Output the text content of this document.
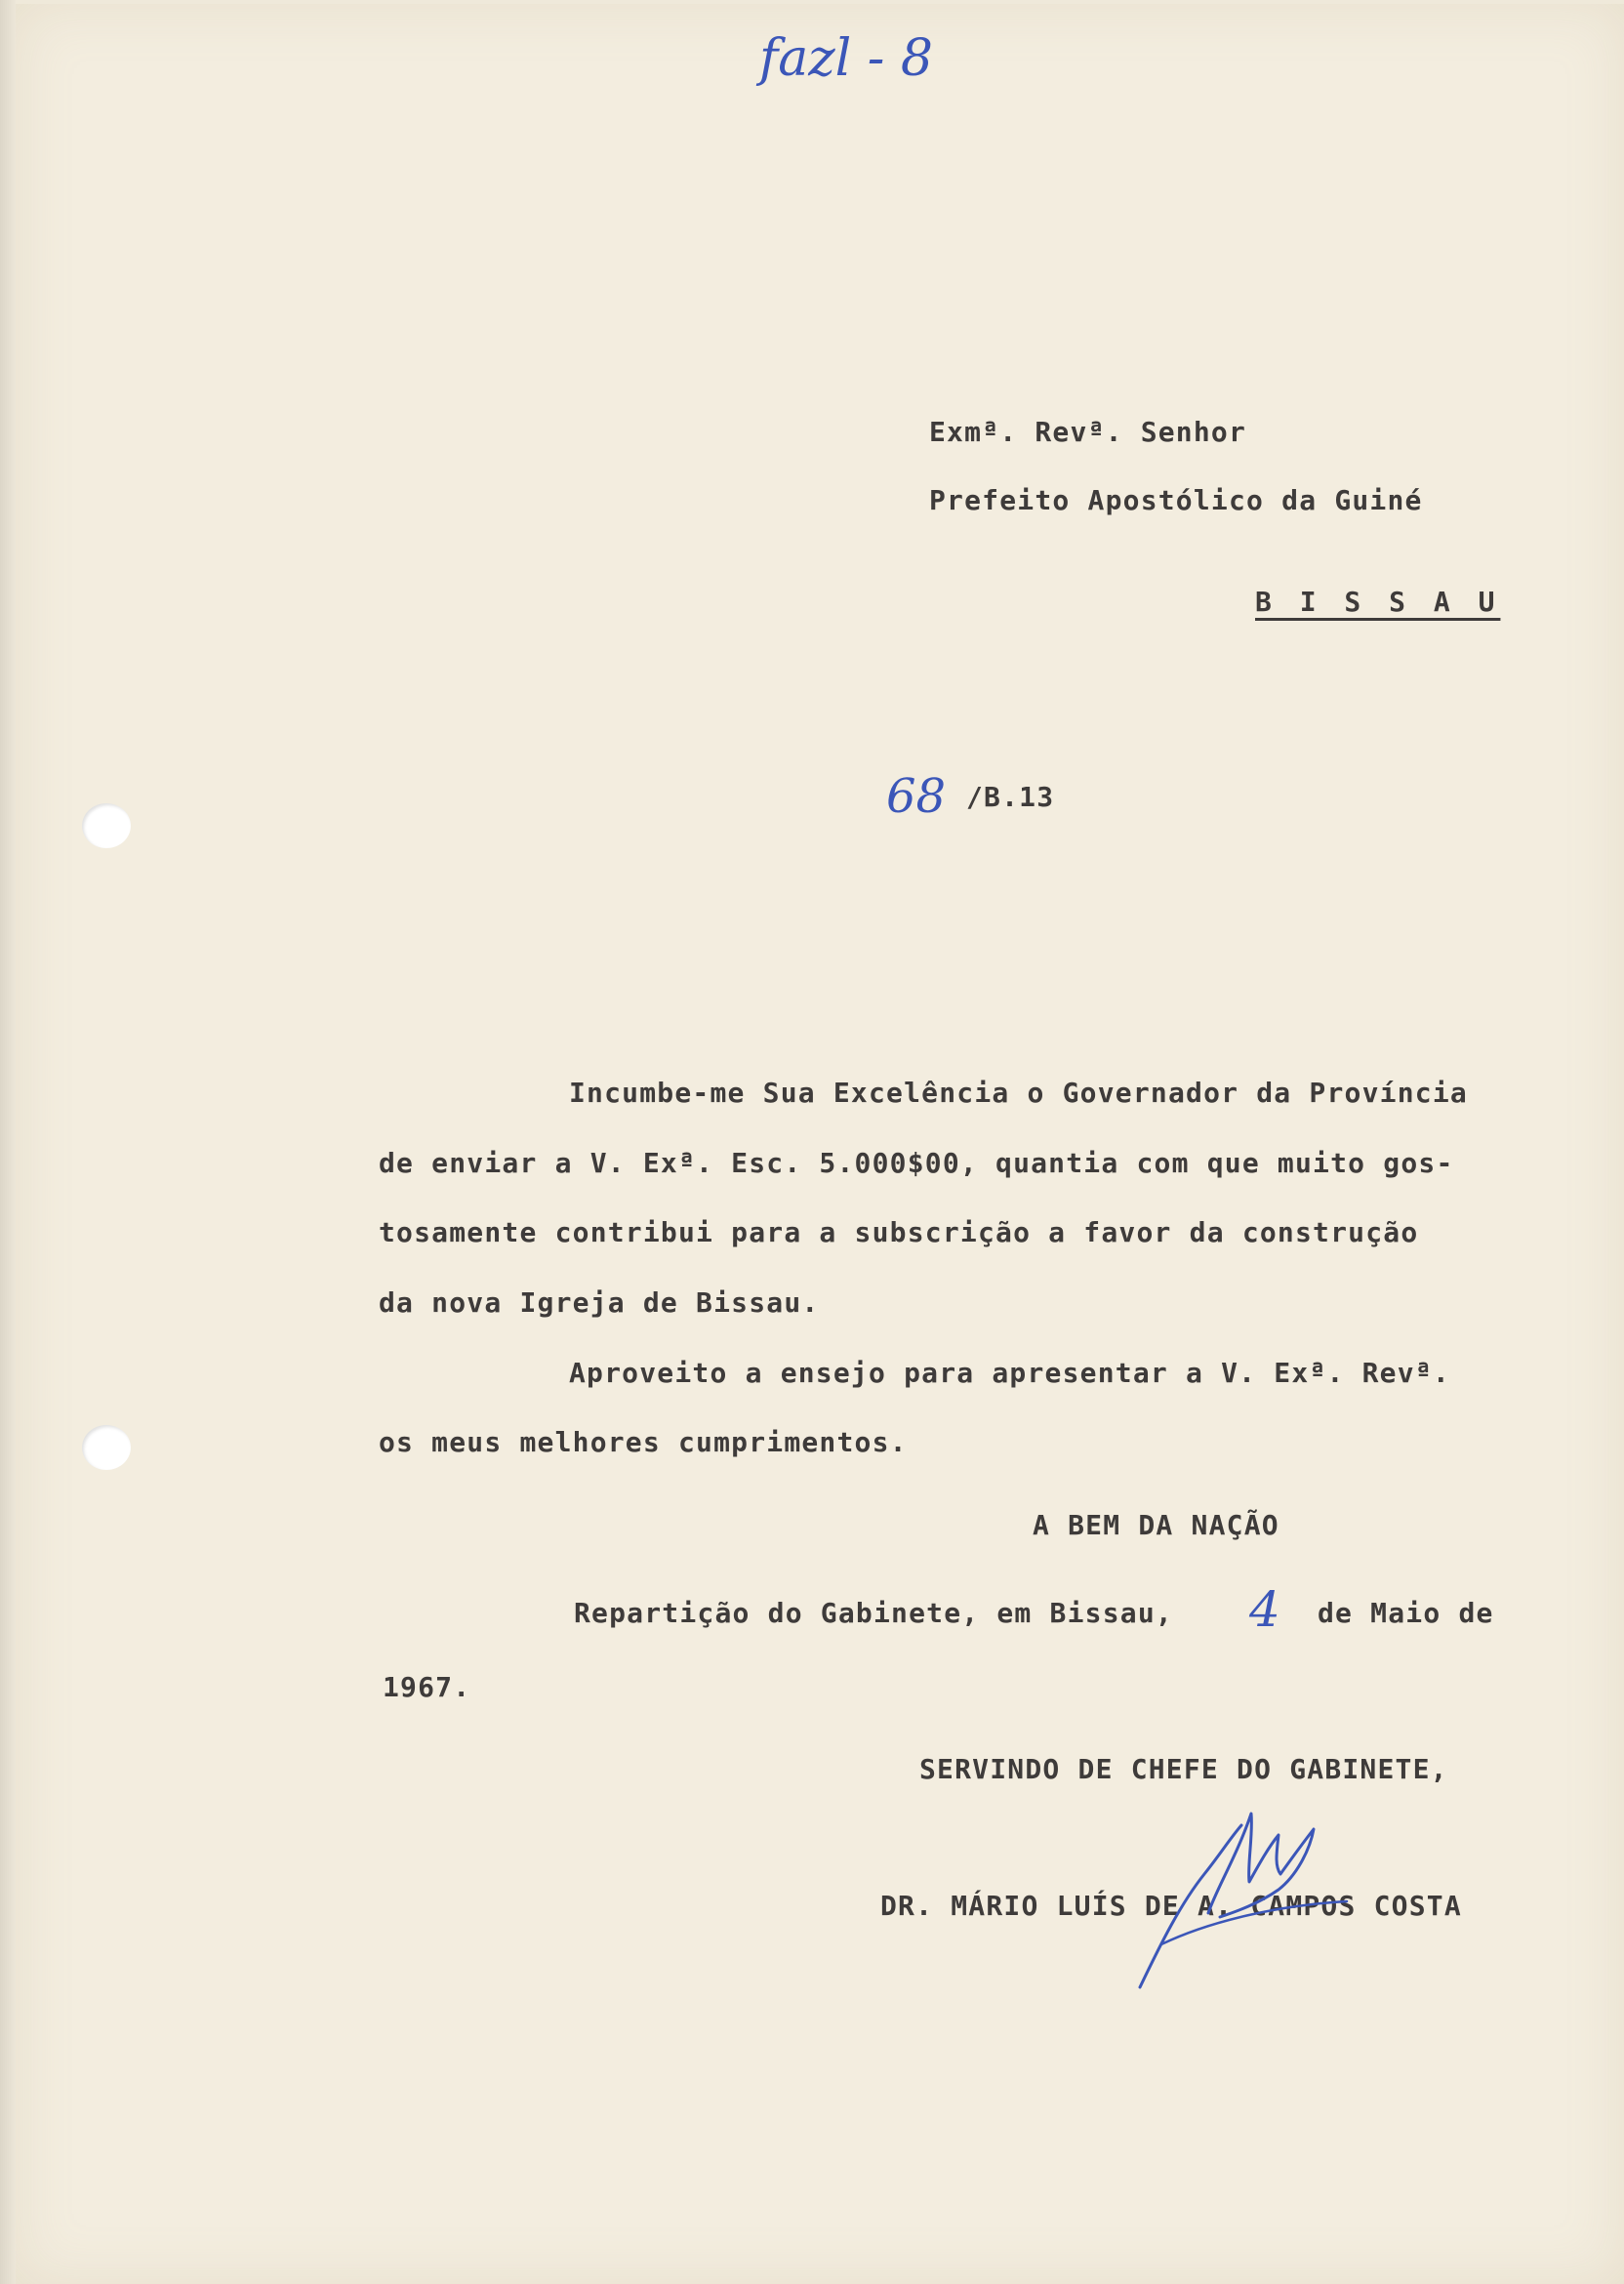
fazl - 8
Exmª. Revª. Senhor
Prefeito Apostólico da Guiné
B I S S A U
68 /B.13
Incumbe-me Sua Excelência o Governador da Província
de enviar a V. Exª. Esc. 5.000$00, quantia com que muito gos-
tosamente contribui para a subscrição a favor da construção
da nova Igreja de Bissau.
Aproveito a ensejo para apresentar a V. Exª. Revª.
os meus melhores cumprimentos.
A BEM DA NAÇÃO
Repartição do Gabinete, em Bissau, 4 de Maio de
1967.
SERVINDO DE CHEFE DO GABINETE,
DR. MÁRIO LUÍS DE A. CAMPOS COSTA
